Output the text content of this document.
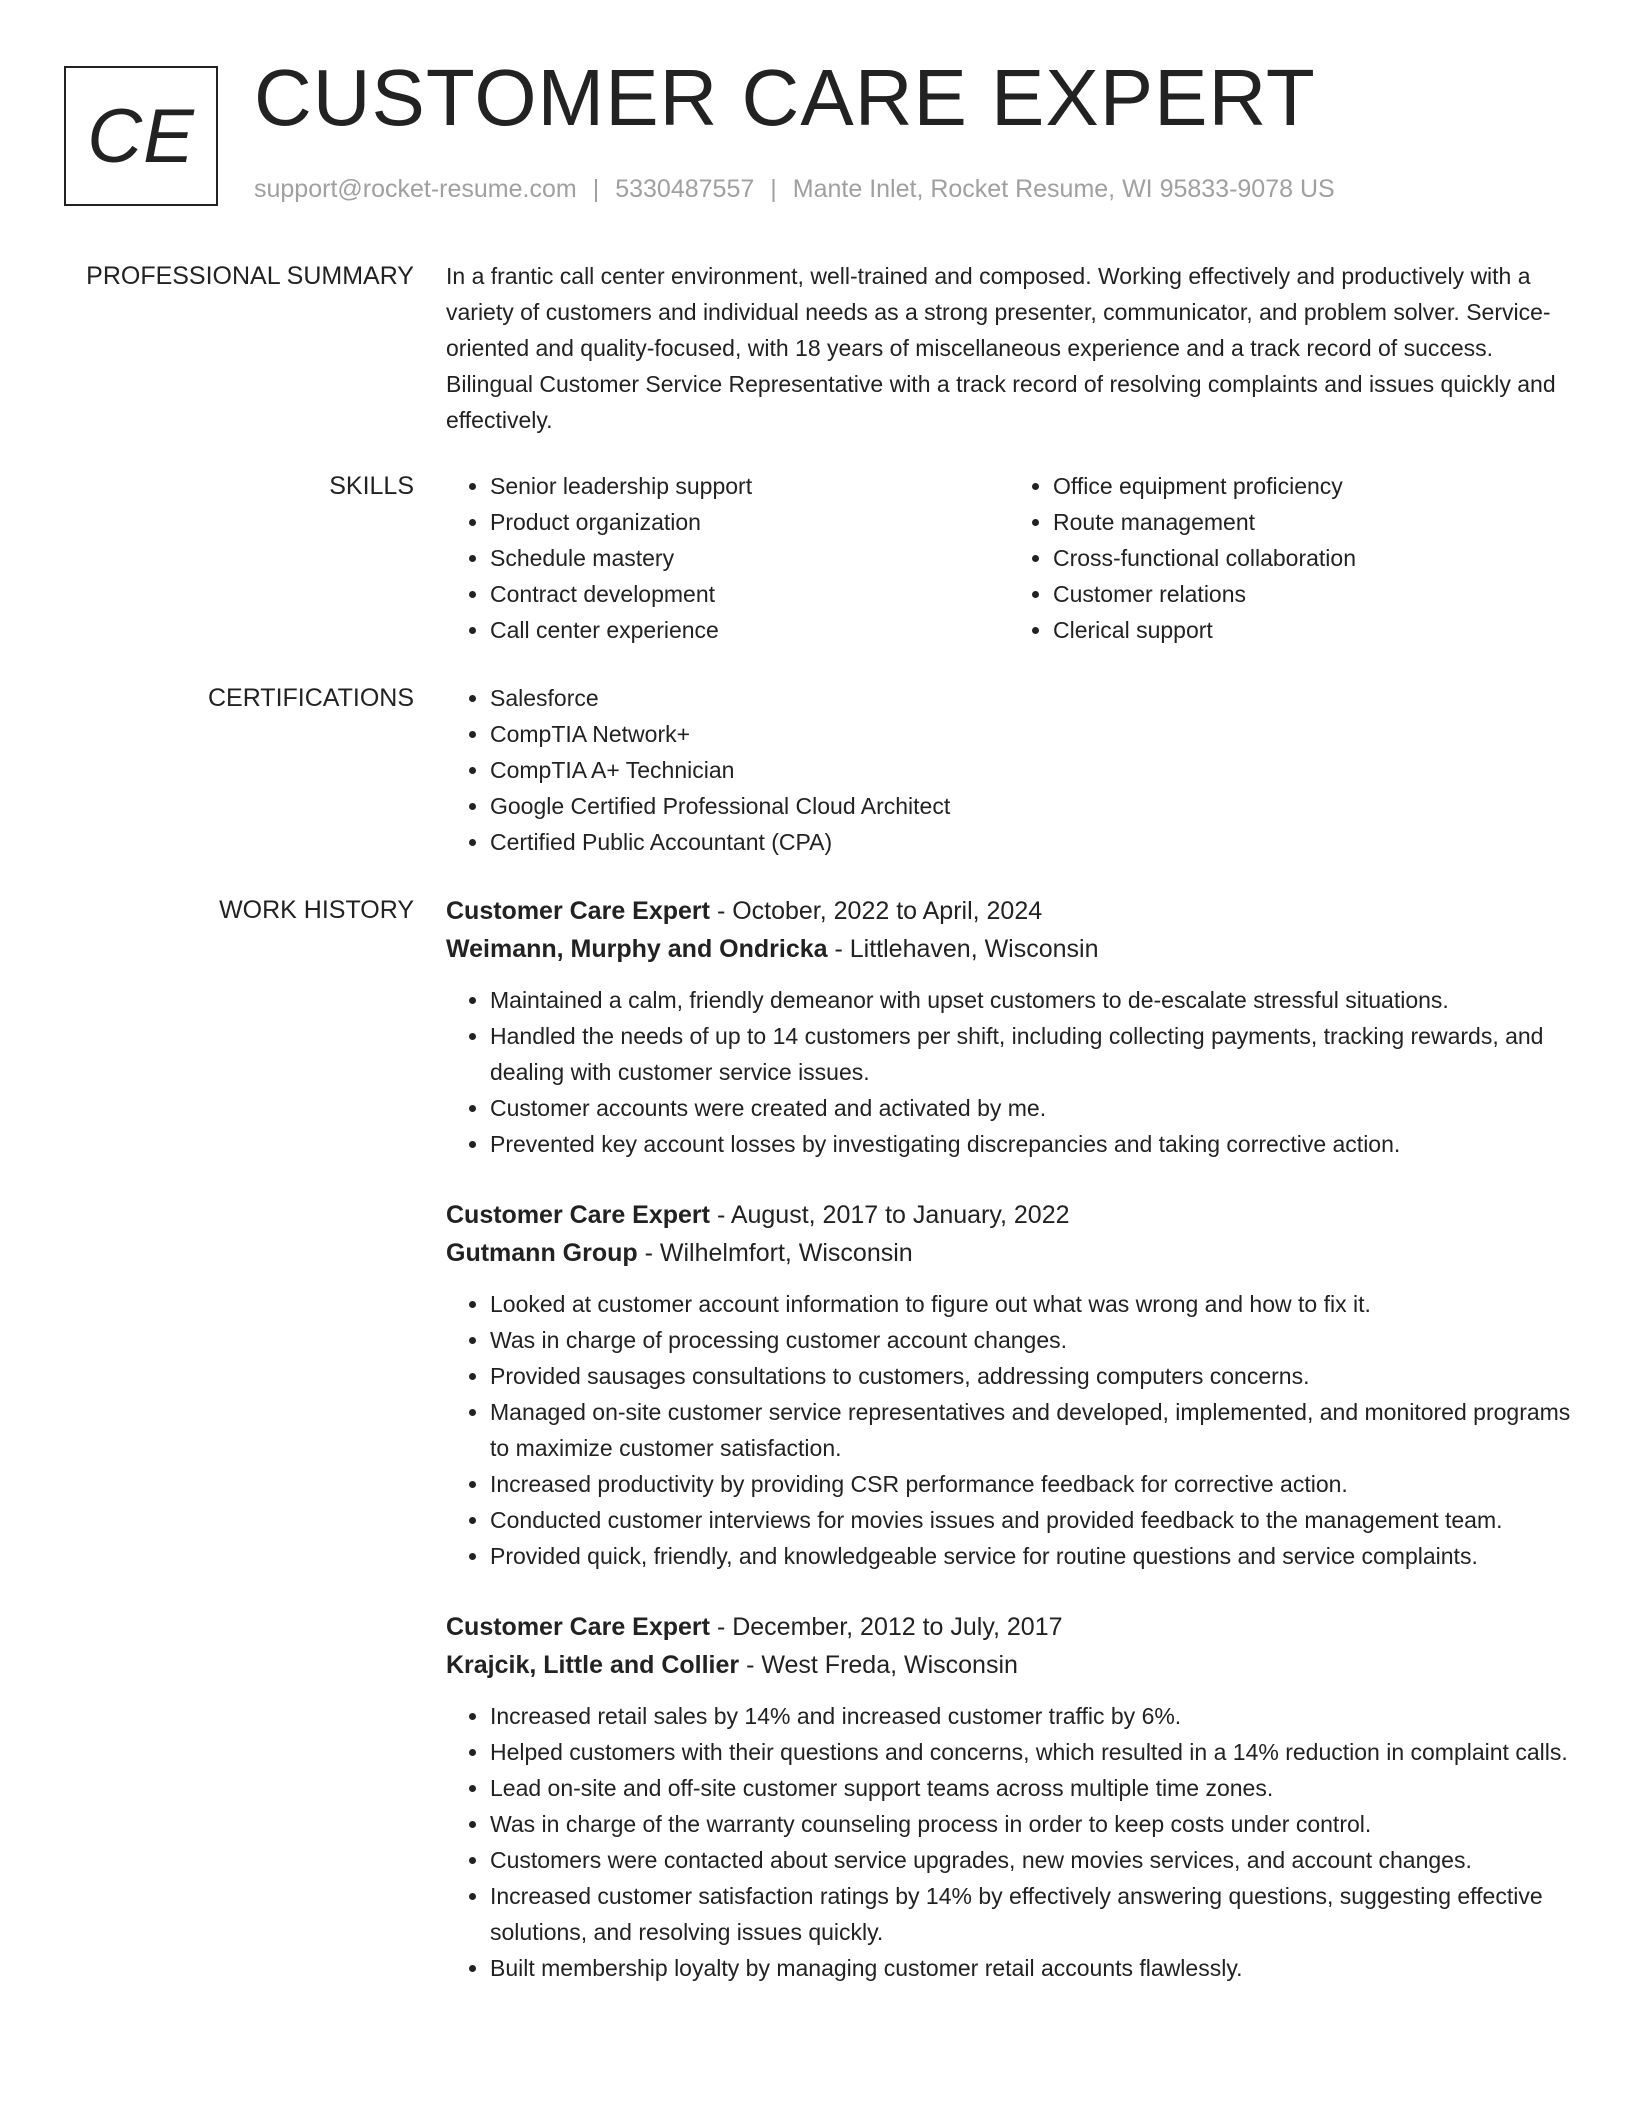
CE CUSTOMER CARE EXPERT
support@rocket-resume.com | 5330487557 | Mante Inlet, Rocket Resume, WI 95833-9078 US
PROFESSIONAL SUMMARY In a frantic call center environment, well-trained and composed. Working effectively and productively with a variety of customers and individual needs as a strong presenter, communicator, and problem solver. Service-oriented and quality-focused, with 18 years of miscellaneous experience and a track record of success. Bilingual Customer Service Representative with a track record of resolving complaints and issues quickly and effectively.

SKILLS	• Senior leadership support
• Product organization
• Schedule mastery
• Contract development
• Call center experience
• Office equipment proficiency
• Route management
• Cross-functional collaboration
• Customer relations
• Clerical support
CERTIFICATIONS	• Salesforce
• CompTIA Network+
• CompTIA A+ Technician
• Google Certified Professional Cloud Architect
• Certified Public Accountant (CPA)
WORK HISTORY Customer Care Expert - October, 2022 to April, 2024
Weimann, Murphy and Ondricka - Littlehaven, Wisconsin
• Maintained a calm, friendly demeanor with upset customers to de-escalate stressful situations.
• Handled the needs of up to 14 customers per shift, including collecting payments, tracking rewards, and dealing with customer service issues.
• Customer accounts were created and activated by me.
• Prevented key account losses by investigating discrepancies and taking corrective action.
Customer Care Expert - August, 2017 to January, 2022
Gutmann Group - Wilhelmfort, Wisconsin
• Looked at customer account information to figure out what was wrong and how to fix it.
• Was in charge of processing customer account changes.
• Provided sausages consultations to customers, addressing computers concerns.
• Managed on-site customer service representatives and developed, implemented, and monitored programs to maximize customer satisfaction.
• Increased productivity by providing CSR performance feedback for corrective action.
• Conducted customer interviews for movies issues and provided feedback to the management team.
• Provided quick, friendly, and knowledgeable service for routine questions and service complaints.
Customer Care Expert - December, 2012 to July, 2017
Krajcik, Little and Collier - West Freda, Wisconsin
• Increased retail sales by 14% and increased customer traffic by 6%.
• Helped customers with their questions and concerns, which resulted in a 14% reduction in complaint calls.
• Lead on-site and off-site customer support teams across multiple time zones.
• Was in charge of the warranty counseling process in order to keep costs under control.
• Customers were contacted about service upgrades, new movies services, and account changes.
• Increased customer satisfaction ratings by 14% by effectively answering questions, suggesting effective solutions, and resolving issues quickly.
• Built membership loyalty by managing customer retail accounts flawlessly.
